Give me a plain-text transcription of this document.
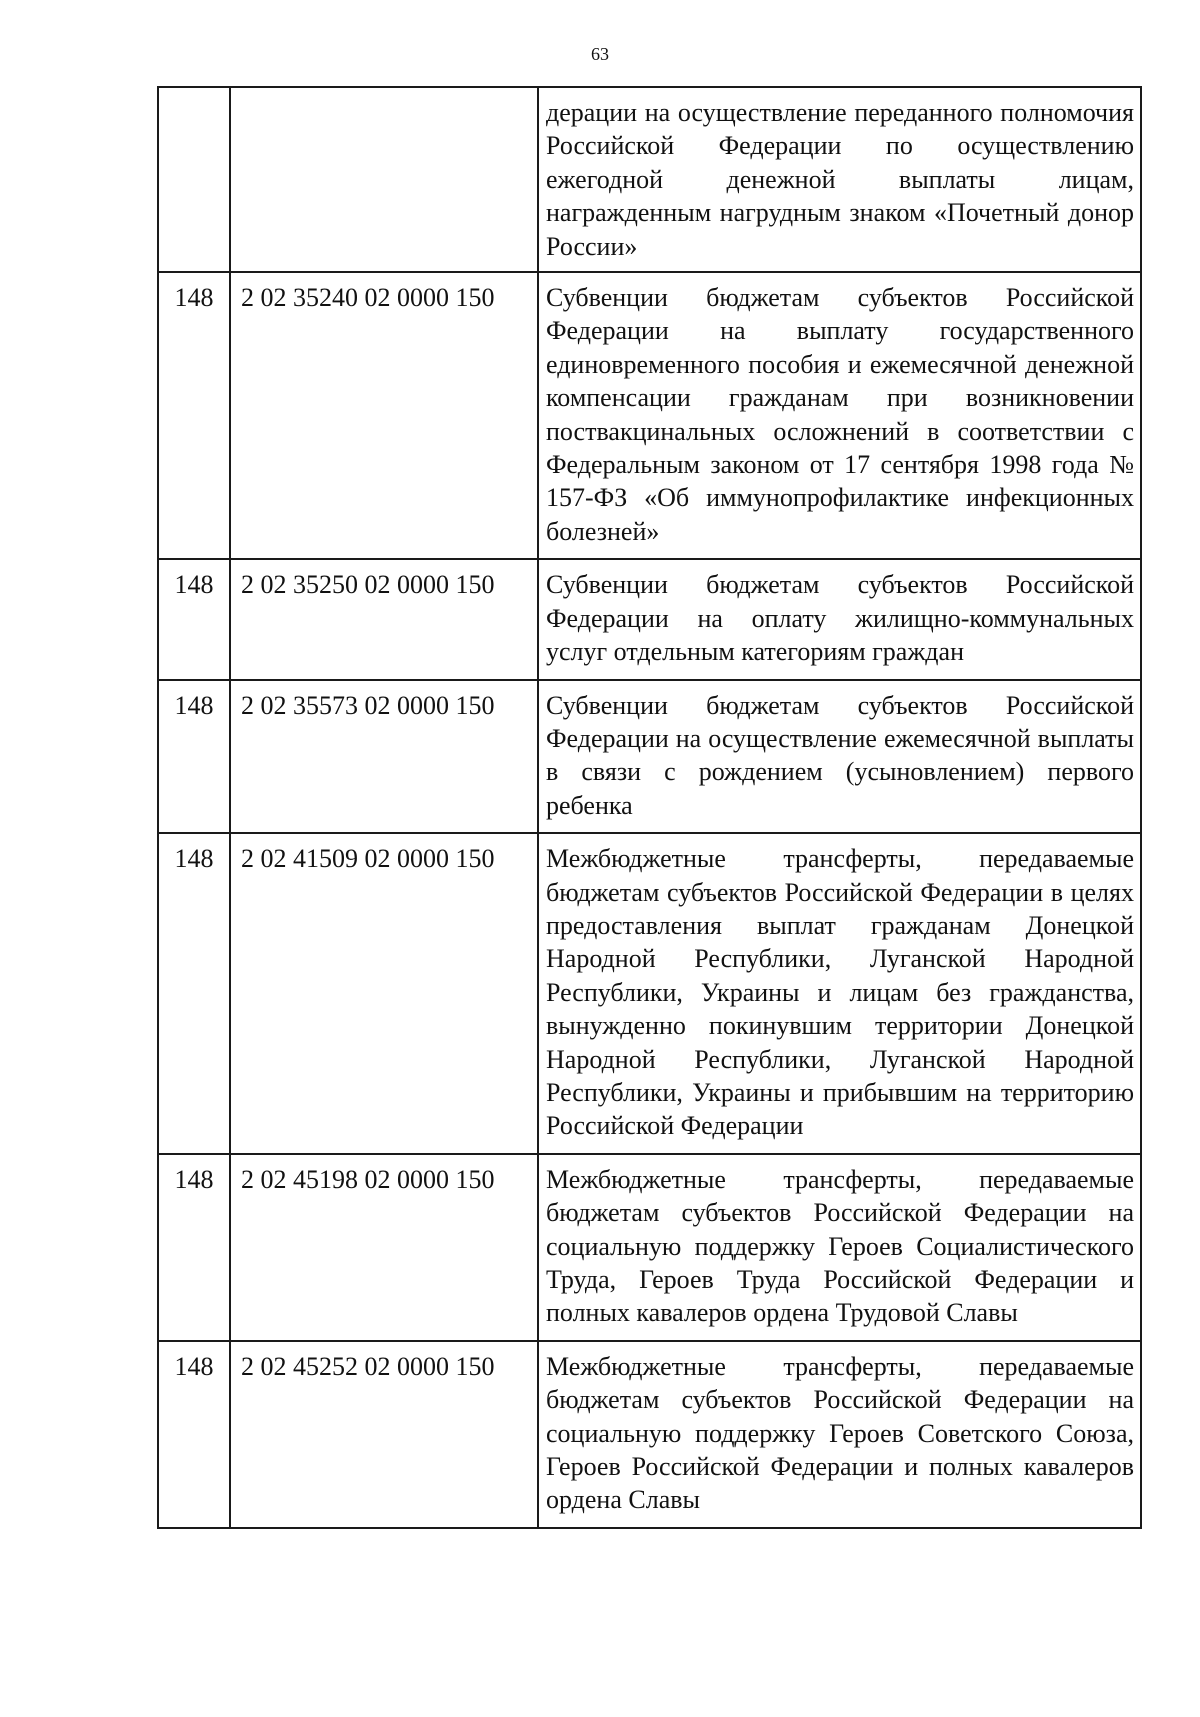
63
		дерации на осуществление переданного полномочия Российской Федерации по осуществлению ежегодной денежной выплаты лицам, награжденным нагрудным знаком «Почетный донор России»
148	2 02 35240 02 0000 150	Субвенции бюджетам субъектов Российской Федерации на выплату государственного единовременного пособия и ежемесячной денежной компенсации гражданам при возникновении поствакцинальных осложнений в соответствии с Федеральным законом от 17 сентября 1998 года № 157-ФЗ «Об иммунопрофилактике инфекционных болезней»
148	2 02 35250 02 0000 150	Субвенции бюджетам субъектов Российской Федерации на оплату жилищно-коммунальных услуг отдельным категориям граждан
148	2 02 35573 02 0000 150	Субвенции бюджетам субъектов Российской Федерации на осуществление ежемесячной выплаты в связи с рождением (усыновлением) первого ребенка
148	2 02 41509 02 0000 150	Межбюджетные трансферты, передаваемые бюджетам субъектов Российской Федерации в целях предоставления выплат гражданам Донецкой Народной Республики, Луганской Народной Республики, Украины и лицам без гражданства, вынужденно покинувшим территории Донецкой Народной Республики, Луганской Народной Республики, Украины и прибывшим на территорию Российской Федерации
148	2 02 45198 02 0000 150	Межбюджетные трансферты, передаваемые бюджетам субъектов Российской Федерации на социальную поддержку Героев Социалистического Труда, Героев Труда Российской Федерации и полных кавалеров ордена Трудовой Славы
148	2 02 45252 02 0000 150	Межбюджетные трансферты, передаваемые бюджетам субъектов Российской Федерации на социальную поддержку Героев Советского Союза, Героев Российской Федерации и полных кавалеров ордена Славы
